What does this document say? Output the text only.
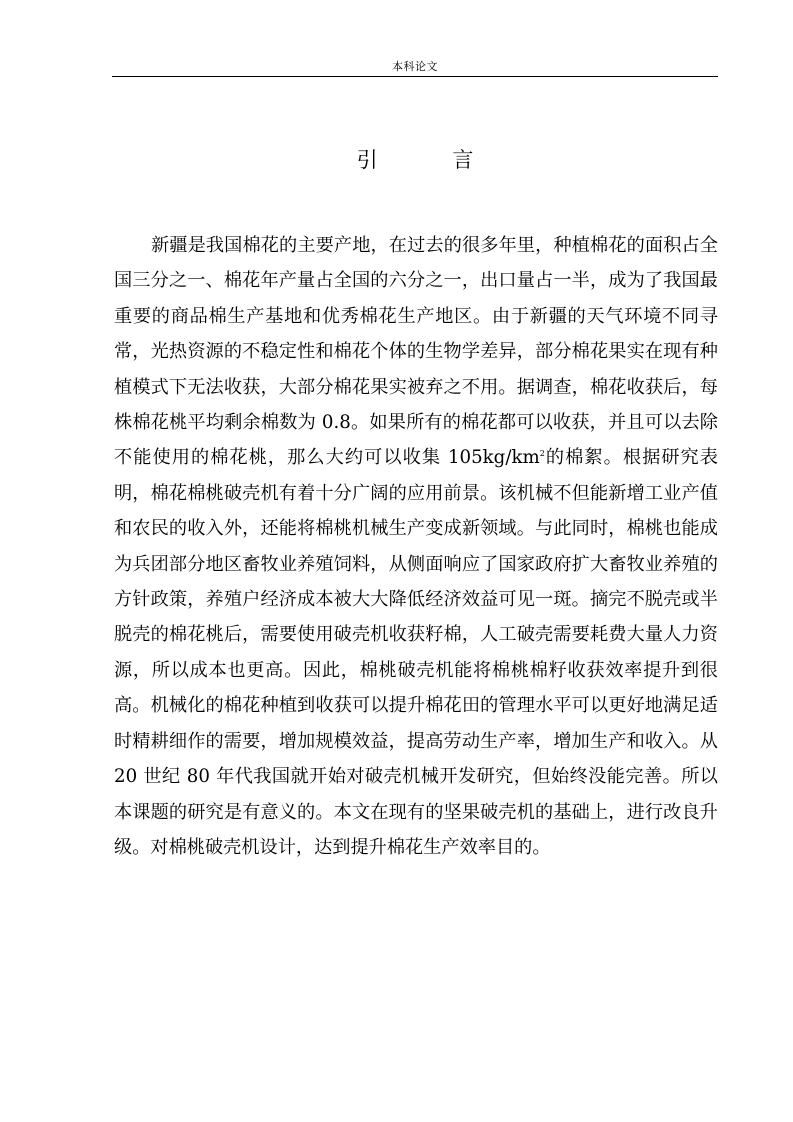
本科论文
引 言

新疆是我国棉花的主要产地，在过去的很多年里，种植棉花的面积占全国三分之一、棉花年产量占全国的六分之一，出口量占一半，成为了我国最重要的商品棉生产基地和优秀棉花生产地区。由于新疆的天气环境不同寻常，光热资源的不稳定性和棉花个体的生物学差异，部分棉花果实在现有种植模式下无法收获，大部分棉花果实被弃之不用。据调查，棉花收获后，每株棉花桃平均剩余棉数为 0.8。如果所有的棉花都可以收获，并且可以去除不能使用的棉花桃，那么大约可以收集 $105kg/km^2$的棉絮。根据研究表明，棉花棉桃破壳机有着十分广阔的应用前景。该机械不但能新增工业产值和农民的收入外，还能将棉桃机械生产变成新领域。与此同时，棉桃也能成为兵团部分地区畜牧业养殖饲料，从侧面响应了国家政府扩大畜牧业养殖的方针政策，养殖户经济成本被大大降低经济效益可见一斑。摘完不脱壳或半脱壳的棉花桃后，需要使用破壳机收获籽棉，人工破壳需要耗费大量人力资源，所以成本也更高。因此，棉桃破壳机能将棉桃棉籽收获效率提升到很高。机械化的棉花种植到收获可以提升棉花田的管理水平可以更好地满足适时精耕细作的需要，增加规模效益，提高劳动生产率，增加生产和收入。从 20 世纪 80 年代我国就开始对破壳机械开发研究，但始终没能完善。所以本课题的研究是有意义的。本文在现有的坚果破壳机的基础上，进行改良升级。对棉桃破壳机设计，达到提升棉花生产效率目的。
